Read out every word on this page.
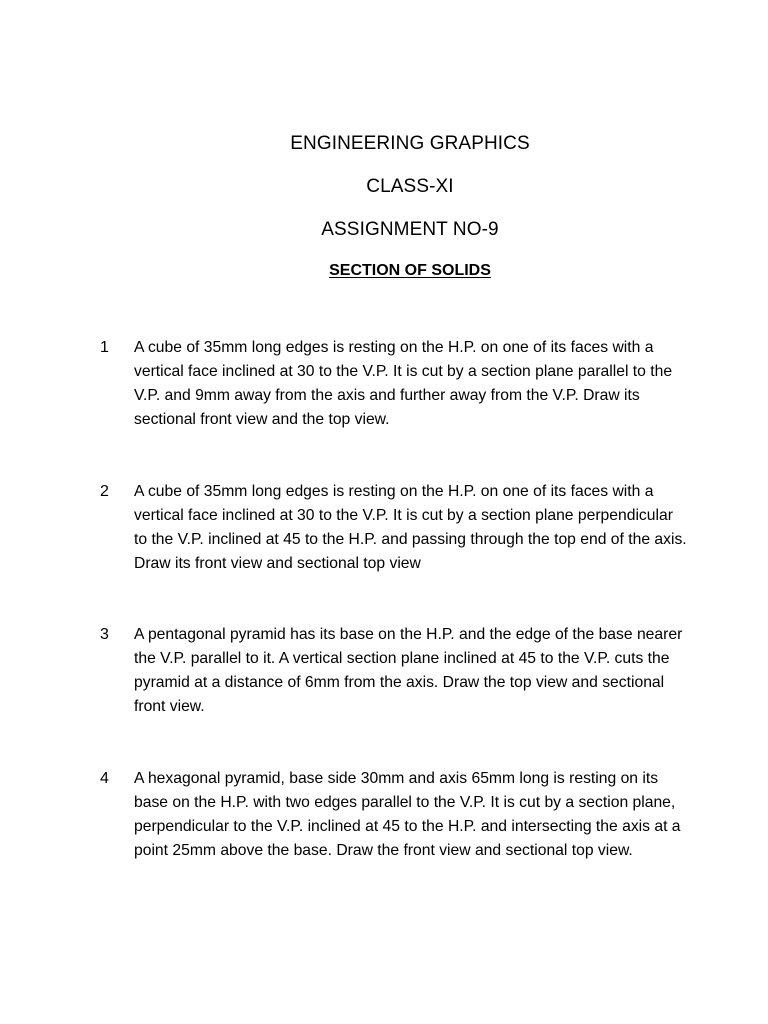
ENGINEERING GRAPHICS
CLASS-XI
ASSIGNMENT NO-9
SECTION OF SOLIDS
1 A cube of 35mm long edges is resting on the H.P. on one of its faces with a vertical face inclined at 30 to the V.P. It is cut by a section plane parallel to the V.P. and 9mm away from the axis and further away from the V.P. Draw its sectional front view and the top view.
2 A cube of 35mm long edges is resting on the H.P. on one of its faces with a vertical face inclined at 30 to the V.P. It is cut by a section plane perpendicular to the V.P. inclined at 45 to the H.P. and passing through the top end of the axis. Draw its front view and sectional top view
3 A pentagonal pyramid has its base on the H.P. and the edge of the base nearer the V.P. parallel to it. A vertical section plane inclined at 45 to the V.P. cuts the pyramid at a distance of 6mm from the axis. Draw the top view and sectional front view.
4 A hexagonal pyramid, base side 30mm and axis 65mm long is resting on its base on the H.P. with two edges parallel to the V.P. It is cut by a section plane, perpendicular to the V.P. inclined at 45 to the H.P. and intersecting the axis at a point 25mm above the base. Draw the front view and sectional top view.
